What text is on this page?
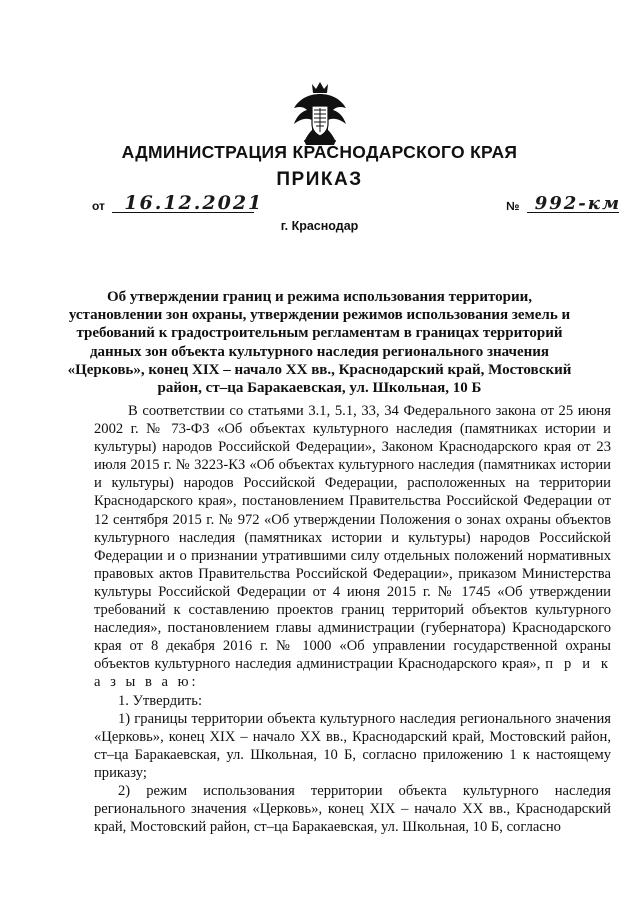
АДМИНИСТРАЦИЯ КРАСНОДАРСКОГО КРАЯ
ПРИКАЗ
от 16.12.2021
г. Краснодар
№ 992-км
Об утверждении границ и режима использования территории, установлении зон охраны, утверждении режимов использования земель и требований к градостроительным регламентам в границах территорий данных зон объекта культурного наследия регионального значения «Церковь», конец XIX – начало XX вв., Краснодарский край, Мостовский район, ст–ца Баракаевская, ул. Школьная, 10 Б

В соответствии со статьями 3.1, 5.1, 33, 34 Федерального закона от 25 июня 2002 г. № 73-ФЗ «Об объектах культурного наследия (памятниках истории и культуры) народов Российской Федерации», Законом Краснодарского края от 23 июля 2015 г. № 3223-КЗ «Об объектах культурного наследия (памятниках истории и культуры) народов Российской Федерации, расположенных на территории Краснодарского края», постановлением Правительства Российской Федерации от 12 сентября 2015 г. № 972 «Об утверждении Положения о зонах охраны объектов культурного наследия (памятниках истории и культуры) народов Российской Федерации и о признании утратившими силу отдельных положений нормативных правовых актов Правительства Российской Федерации», приказом Министерства культуры Российской Федерации от 4 июня 2015 г. № 1745 «Об утверждении требований к составлению проектов границ территорий объектов культурного наследия», постановлением главы администрации (губернатора) Краснодарского края от 8 декабря 2016 г. № 1000 «Об управлении государственной охраны объектов культурного наследия администрации Краснодарского края», п р и к а з ы в а ю:

1. Утвердить:

1) границы территории объекта культурного наследия регионального значения «Церковь», конец XIX – начало XX вв., Краснодарский край, Мостовский район, ст–ца Баракаевская, ул. Школьная, 10 Б, согласно приложению 1 к настоящему приказу;

2) режим использования территории объекта культурного наследия регионального значения «Церковь», конец XIX – начало XX вв., Краснодарский край, Мостовский район, ст–ца Баракаевская, ул. Школьная, 10 Б, согласно
